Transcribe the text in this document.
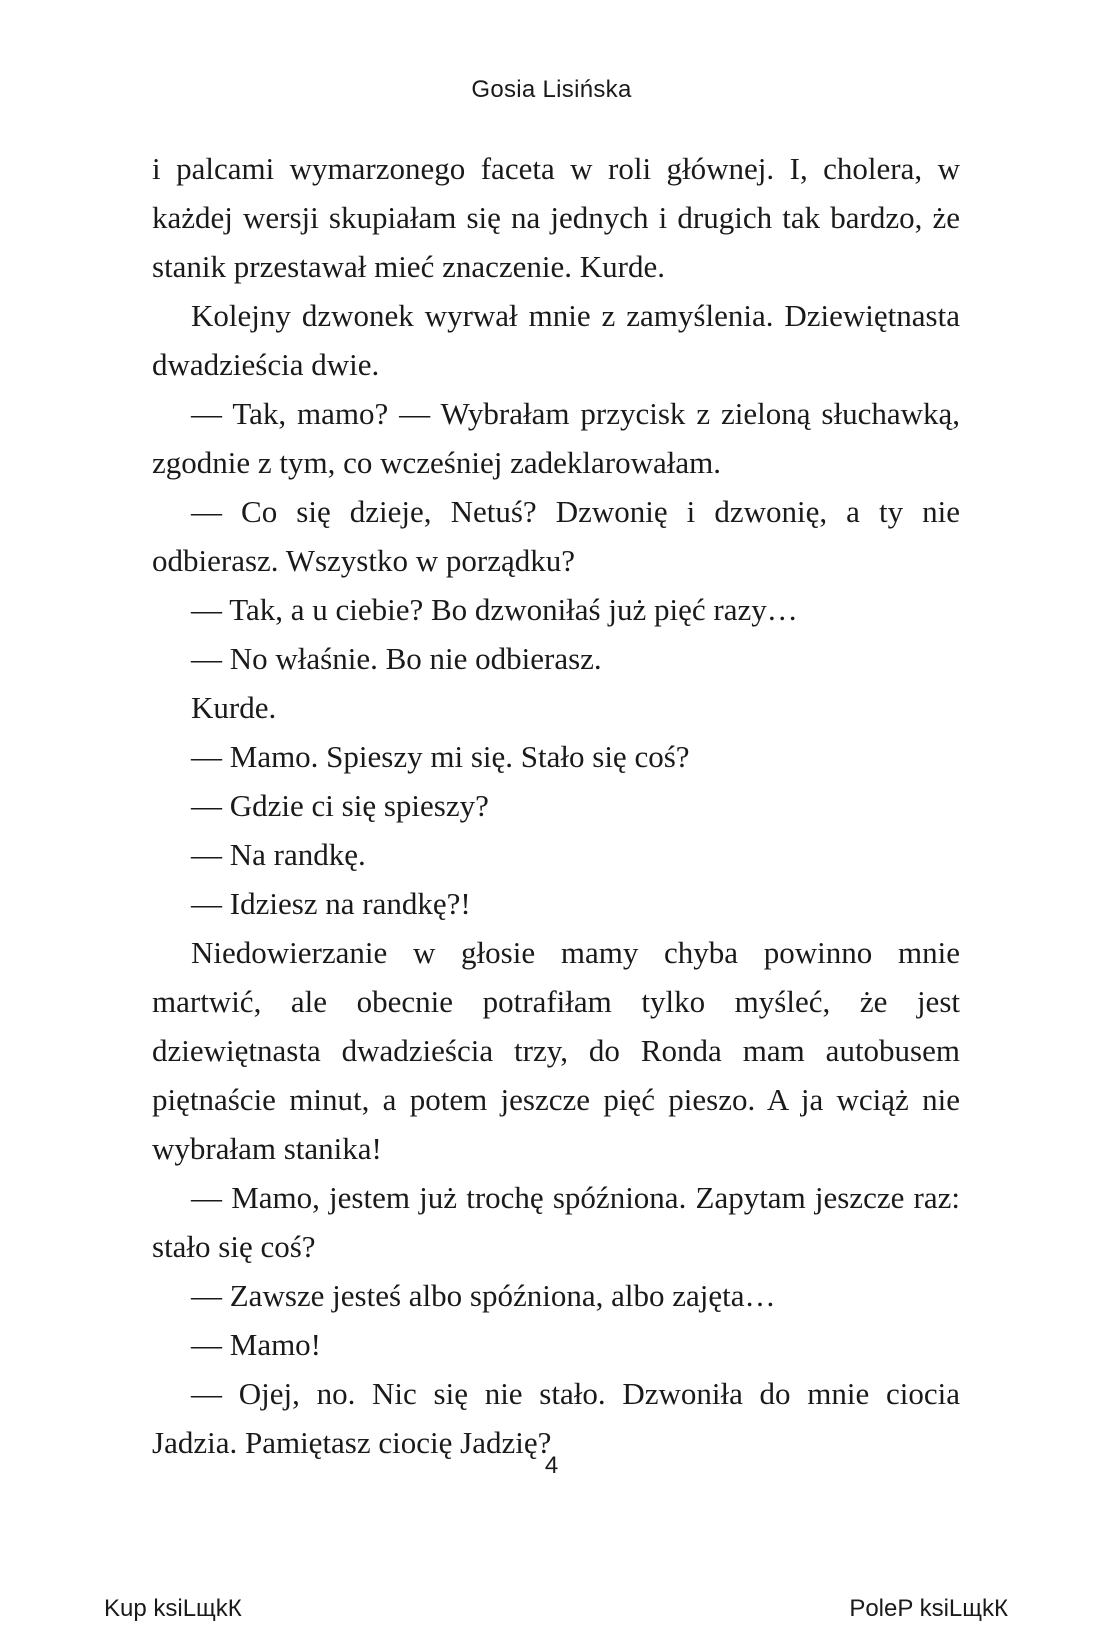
Gosia Lisińska

i palcami wymarzonego faceta w roli głównej. I, cholera, w każdej wersji skupiałam się na jednych i drugich tak bardzo, że stanik przestawał mieć znaczenie. Kurde.

Kolejny dzwonek wyrwał mnie z zamyślenia. Dziewiętnasta dwadzieścia dwie.

— Tak, mamo? — Wybrałam przycisk z zieloną słuchawką, zgodnie z tym, co wcześniej zadeklarowałam.

— Co się dzieje, Netuś? Dzwonię i dzwonię, a ty nie odbierasz. Wszystko w porządku?

— Tak, a u ciebie? Bo dzwoniłaś już pięć razy…

— No właśnie. Bo nie odbierasz.

Kurde.

— Mamo. Spieszy mi się. Stało się coś?

— Gdzie ci się spieszy?

— Na randkę.

— Idziesz na randkę?!

Niedowierzanie w głosie mamy chyba powinno mnie martwić, ale obecnie potrafiłam tylko myśleć, że jest dziewiętnasta dwadzieścia trzy, do Ronda mam autobusem piętnaście minut, a potem jeszcze pięć pieszo. A ja wciąż nie wybrałam stanika!

— Mamo, jestem już trochę spóźniona. Zapytam jeszcze raz: stało się coś?

— Zawsze jesteś albo spóźniona, albo zajęta…

— Mamo!

— Ojej, no. Nic się nie stało. Dzwoniła do mnie ciocia Jadzia. Pamiętasz ciocię Jadzię?

4
Kup ksiLщkК	PoleP ksiLщkК
